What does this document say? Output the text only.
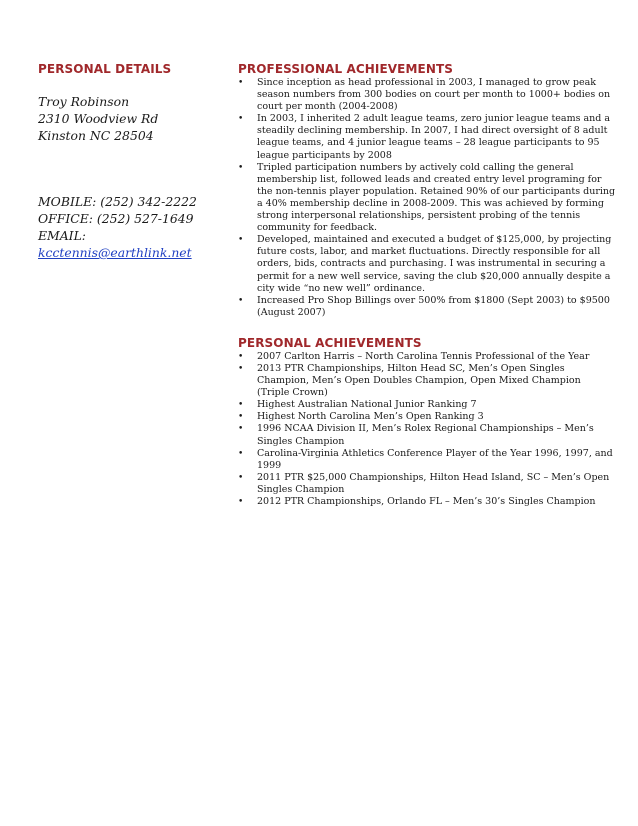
PERSONAL DETAILS
Troy Robinson
2310 Woodview Rd
Kinston NC 28504
MOBILE: (252) 342-2222
OFFICE: (252) 527-1649
EMAIL: kcctennis@earthlink.net
PROFESSIONAL ACHIEVEMENTS
• Since inception as head professional in 2003, I managed to grow peak season numbers from 300 bodies on court per month to 1000+ bodies on court per month (2004-2008)
• In 2003, I inherited 2 adult league teams, zero junior league teams and a steadily declining membership. In 2007, I had direct oversight of 8 adult league teams, and 4 junior league teams – 28 league participants to 95 league participants by 2008
• Tripled participation numbers by actively cold calling the general membership list, followed leads and created entry level programing for the non-tennis player population. Retained 90% of our participants during a 40% membership decline in 2008-2009. This was achieved by forming strong interpersonal relationships, persistent probing of the tennis community for feedback.
• Developed, maintained and executed a budget of $125,000, by projecting future costs, labor, and market fluctuations. Directly responsible for all orders, bids, contracts and purchasing. I was instrumental in securing a permit for a new well service, saving the club $20,000 annually despite a city wide “no new well” ordinance.
• Increased Pro Shop Billings over 500% from $1800 (Sept 2003) to $9500 (August 2007)
PERSONAL ACHIEVEMENTS
• 2007 Carlton Harris – North Carolina Tennis Professional of the Year
• 2013 PTR Championships, Hilton Head SC, Men’s Open Singles Champion, Men’s Open Doubles Champion, Open Mixed Champion (Triple Crown)
• Highest Australian National Junior Ranking 7
• Highest North Carolina Men’s Open Ranking 3
• 1996 NCAA Division II, Men’s Rolex Regional Championships – Men’s Singles Champion
• Carolina-Virginia Athletics Conference Player of the Year 1996, 1997, and 1999
• 2011 PTR $25,000 Championships, Hilton Head Island, SC – Men’s Open Singles Champion
• 2012 PTR Championships, Orlando FL – Men’s 30’s Singles Champion
